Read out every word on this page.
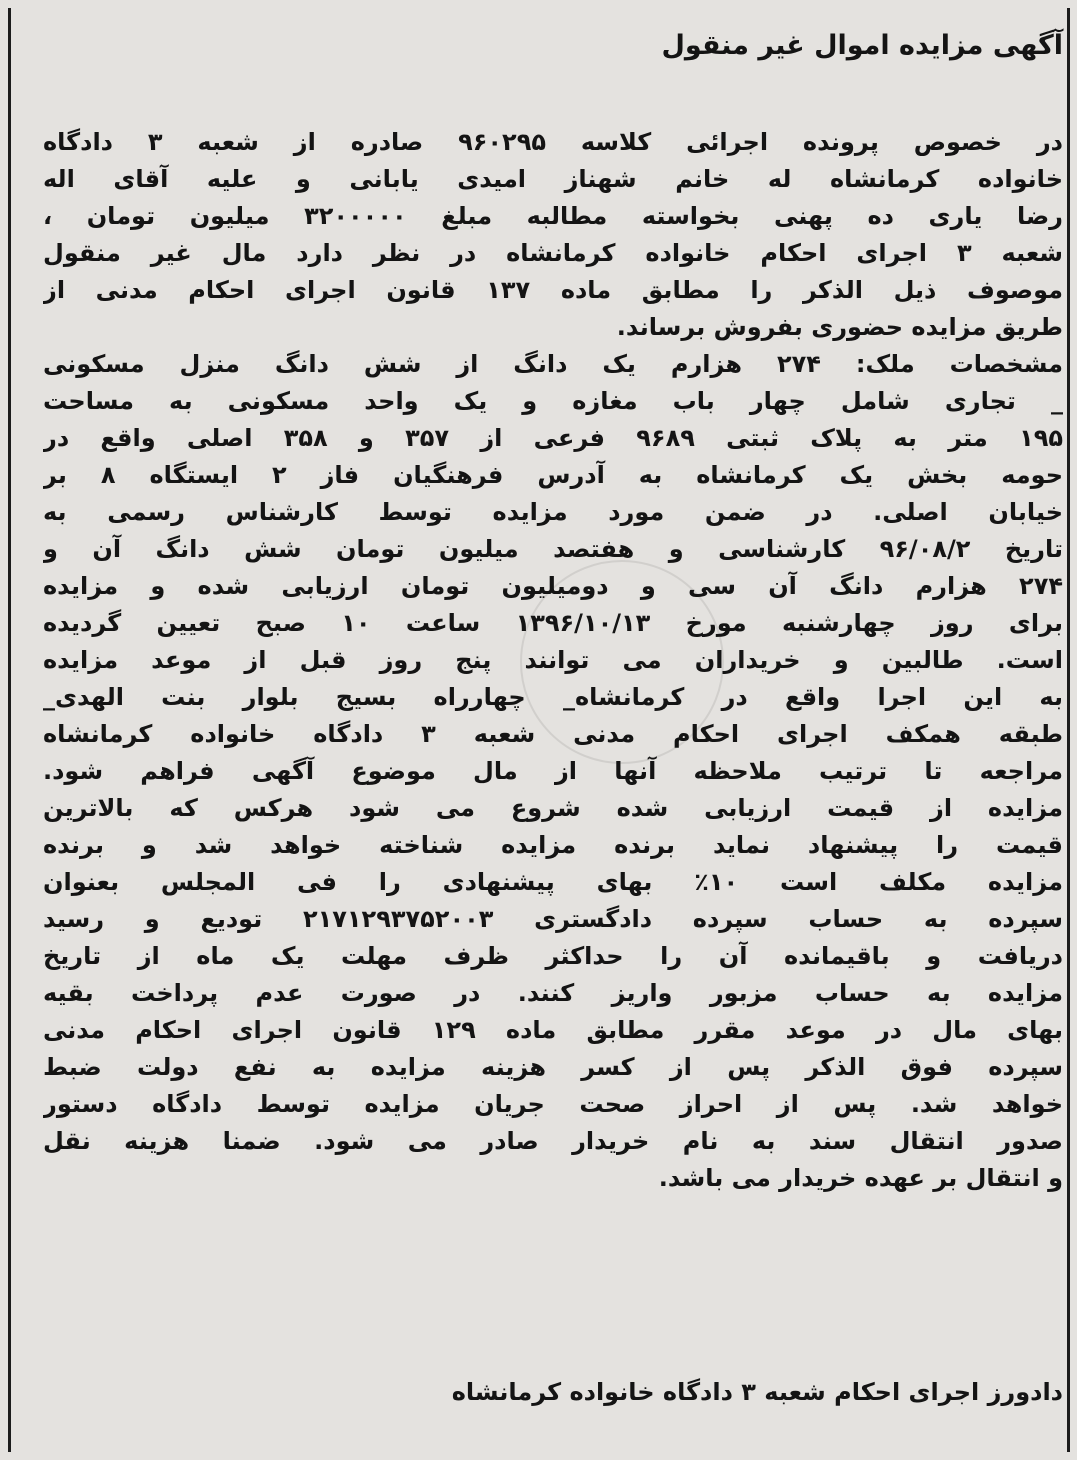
آگهی مزایده اموال غیر منقول
در خصوص پرونده اجرائی کلاسه ۹۶۰۲۹۵ صادره از شعبه ۳ دادگاه
خانواده کرمانشاه له خانم شهناز امیدی یابانی و علیه آقای اله
رضا یاری ده پهنی بخواسته مطالبه مبلغ ۳۲۰۰۰۰۰ میلیون تومان ،
شعبه ۳ اجرای احکام خانواده کرمانشاه در نظر دارد مال غیر منقول
موصوف ذیل الذکر را مطابق ماده ۱۳۷ قانون اجرای احکام مدنی از
طریق مزایده حضوری بفروش برساند.
مشخصات ملک: ۲۷۴ هزارم یک دانگ از شش دانگ منزل مسکونی
_ تجاری شامل چهار باب مغازه و یک واحد مسکونی به مساحت
۱۹۵ متر به پلاک ثبتی ۹۶۸۹ فرعی از ۳۵۷ و ۳۵۸ اصلی واقع در
حومه بخش یک کرمانشاه به آدرس فرهنگیان فاز ۲ ایستگاه ۸ بر
خیابان اصلی. در ضمن مورد مزایده توسط کارشناس رسمی به
تاریخ ۹۶/۰۸/۲ کارشناسی و هفتصد میلیون تومان شش دانگ آن و
۲۷۴ هزارم دانگ آن سی و دومیلیون تومان ارزیابی شده و مزایده
برای روز چهارشنبه مورخ ۱۳۹۶/۱۰/۱۳ ساعت ۱۰ صبح تعیین گردیده
است. طالبین و خریداران می توانند پنج روز قبل از موعد مزایده
به این اجرا واقع در کرمانشاه_ چهارراه بسیج بلوار بنت الهدی_
طبقه همکف اجرای احکام مدنی شعبه ۳ دادگاه خانواده کرمانشاه
مراجعه تا ترتیب ملاحظه آنها از مال موضوع آگهی فراهم شود.
مزایده از قیمت ارزیابی شده شروع می شود هرکس که بالاترین
قیمت را پیشنهاد نماید برنده مزایده شناخته خواهد شد و برنده
مزایده مکلف است ۱۰٪ بهای پیشنهادی را فی المجلس بعنوان
سپرده به حساب سپرده دادگستری ۲۱۷۱۲۹۳۷۵۲۰۰۳ تودیع و رسید
دریافت و باقیمانده آن را حداکثر ظرف مهلت یک ماه از تاریخ
مزایده به حساب مزبور واریز کنند. در صورت عدم پرداخت بقیه
بهای مال در موعد مقرر مطابق ماده ۱۲۹ قانون اجرای احکام مدنی
سپرده فوق الذکر پس از کسر هزینه مزایده به نفع دولت ضبط
خواهد شد. پس از احراز صحت جریان مزایده توسط دادگاه دستور
صدور انتقال سند به نام خریدار صادر می شود. ضمنا هزینه نقل
و انتقال بر عهده خریدار می باشد.
دادورز اجرای احکام شعبه ۳ دادگاه خانواده کرمانشاه
